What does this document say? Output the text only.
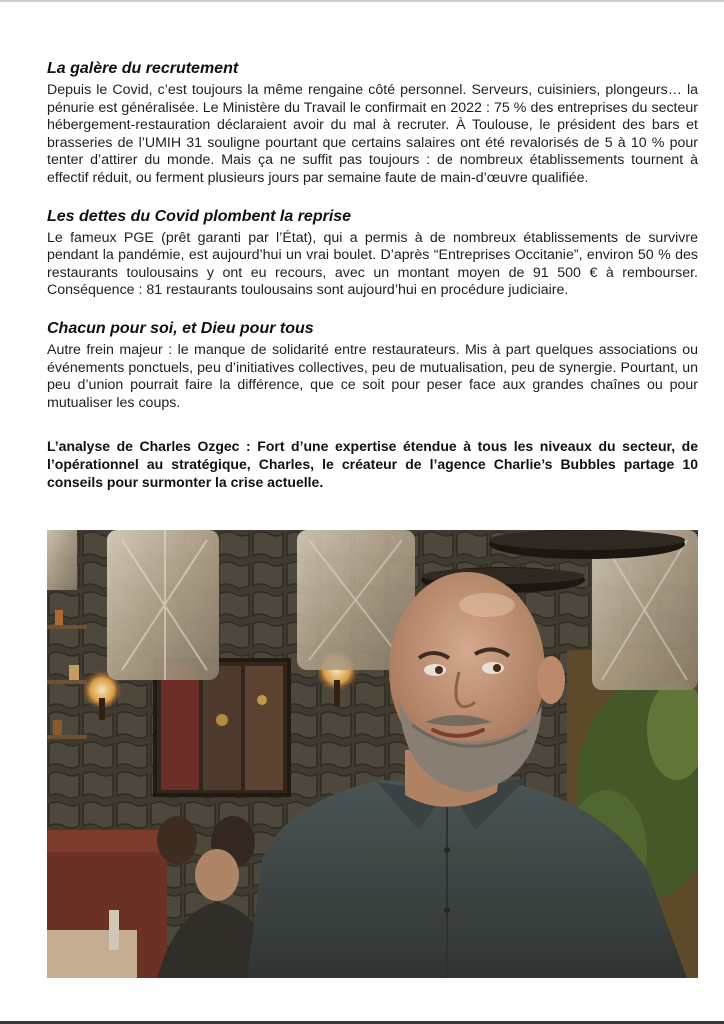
La galère du recrutement

Depuis le Covid, c’est toujours la même rengaine côté personnel. Serveurs, cuisiniers, plongeurs… la pénurie est généralisée. Le Ministère du Travail le confirmait en 2022 : 75 % des entreprises du secteur hébergement-restauration déclaraient avoir du mal à recruter. À Toulouse, le président des bars et brasseries de l’UMIH 31 souligne pourtant que certains salaires ont été revalorisés de 5 à 10 % pour tenter d’attirer du monde. Mais ça ne suffit pas toujours : de nombreux établissements tournent à effectif réduit, ou ferment plusieurs jours par semaine faute de main-d’œuvre qualifiée.

Les dettes du Covid plombent la reprise

Le fameux PGE (prêt garanti par l’État), qui a permis à de nombreux établissements de survivre pendant la pandémie, est aujourd’hui un vrai boulet. D’après “Entreprises Occitanie”, environ 50 % des restaurants toulousains y ont eu recours, avec un montant moyen de 91 500 € à rembourser. Conséquence : 81 restaurants toulousains sont aujourd’hui en procédure judiciaire.

Chacun pour soi, et Dieu pour tous

Autre frein majeur : le manque de solidarité entre restaurateurs. Mis à part quelques associations ou événements ponctuels, peu d’initiatives collectives, peu de mutualisation, peu de synergie. Pourtant, un peu d’union pourrait faire la différence, que ce soit pour peser face aux grandes chaînes ou pour mutualiser les coups.

L’analyse de Charles Ozgec : Fort d’une expertise étendue à tous les niveaux du secteur, de l’opérationnel au stratégique, Charles, le créateur de l’agence Charlie’s Bubbles partage 10 conseils pour surmonter la crise actuelle.
